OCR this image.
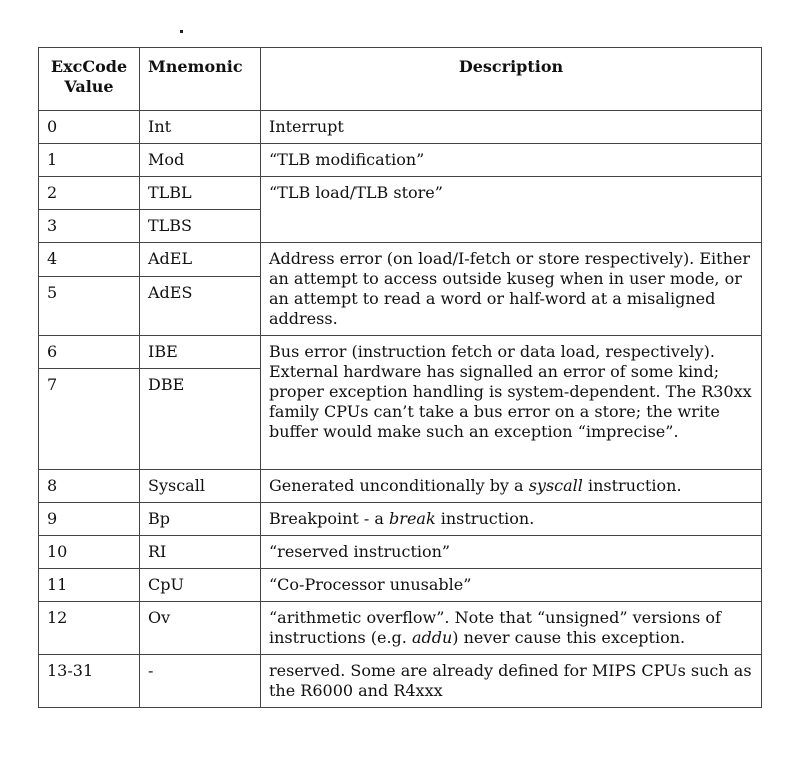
ExcCode
Value	Mnemonic	Description
0	Int	Interrupt
1	Mod	“TLB modification”
2	TLBL	“TLB load/TLB store”
3	TLBS	
4	AdEL	Address error (on load/I-fetch or store respectively). Either an attempt to access outside kuseg when in user mode, or an attempt to read a word or half-word at a misaligned address.
5	AdES	
6	IBE	Bus error (instruction fetch or data load, respectively). External hardware has signalled an error of some kind; proper exception handling is system-dependent. The R30xx family CPUs can’t take a bus error on a store; the write buffer would make such an exception “imprecise”.
7	DBE	
8	Syscall	Generated unconditionally by a syscall instruction.
9	Bp	Breakpoint - a break instruction.
10	RI	“reserved instruction”
11	CpU	“Co-Processor unusable”
12	Ov	“arithmetic overflow”. Note that “unsigned” versions of instructions (e.g. addu) never cause this exception.
13-31	-	reserved. Some are already defined for MIPS CPUs such as the R6000 and R4xxx
